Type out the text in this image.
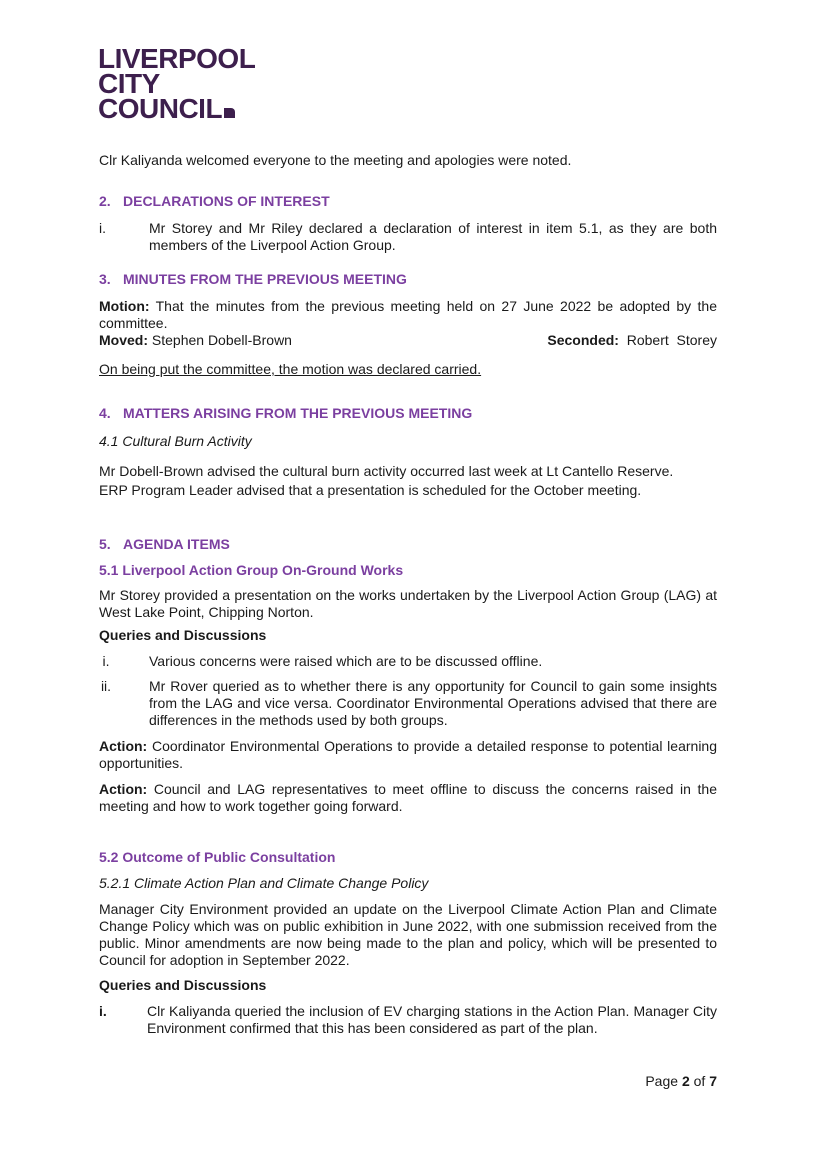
LIVERPOOL
CITY
COUNCIL

Clr Kaliyanda welcomed everyone to the meeting and apologies were noted.

2. DECLARATIONS OF INTEREST

i.	Mr Storey and Mr Riley declared a declaration of interest in item 5.1, as they are both members of the Liverpool Action Group.

3. MINUTES FROM THE PREVIOUS MEETING

Motion: That the minutes from the previous meeting held on 27 June 2022 be adopted by the committee.

Moved: Stephen Dobell-Brown	Seconded:  Robert  Storey

On being put the committee, the motion was declared carried.

4. MATTERS ARISING FROM THE PREVIOUS MEETING

4.1 Cultural Burn Activity

Mr Dobell-Brown advised the cultural burn activity occurred last week at Lt Cantello Reserve.

ERP Program Leader advised that a presentation is scheduled for the October meeting.

5. AGENDA ITEMS

5.1 Liverpool Action Group On-Ground Works

Mr Storey provided a presentation on the works undertaken by the Liverpool Action Group (LAG) at West Lake Point, Chipping Norton.

Queries and Discussions

i.	Various concerns were raised which are to be discussed offline.
ii.	Mr Rover queried as to whether there is any opportunity for Council to gain some insights from the LAG and vice versa. Coordinator Environmental Operations advised that there are differences in the methods used by both groups.

Action: Coordinator Environmental Operations to provide a detailed response to potential learning opportunities.

Action: Council and LAG representatives to meet offline to discuss the concerns raised in the meeting and how to work together going forward.

5.2 Outcome of Public Consultation

5.2.1 Climate Action Plan and Climate Change Policy

Manager City Environment provided an update on the Liverpool Climate Action Plan and Climate Change Policy which was on public exhibition in June 2022, with one submission received from the public. Minor amendments are now being made to the plan and policy, which will be presented to Council for adoption in September 2022.

Queries and Discussions

i.	Clr Kaliyanda queried the inclusion of EV charging stations in the Action Plan. Manager City Environment confirmed that this has been considered as part of the plan.
Page 2 of 7
